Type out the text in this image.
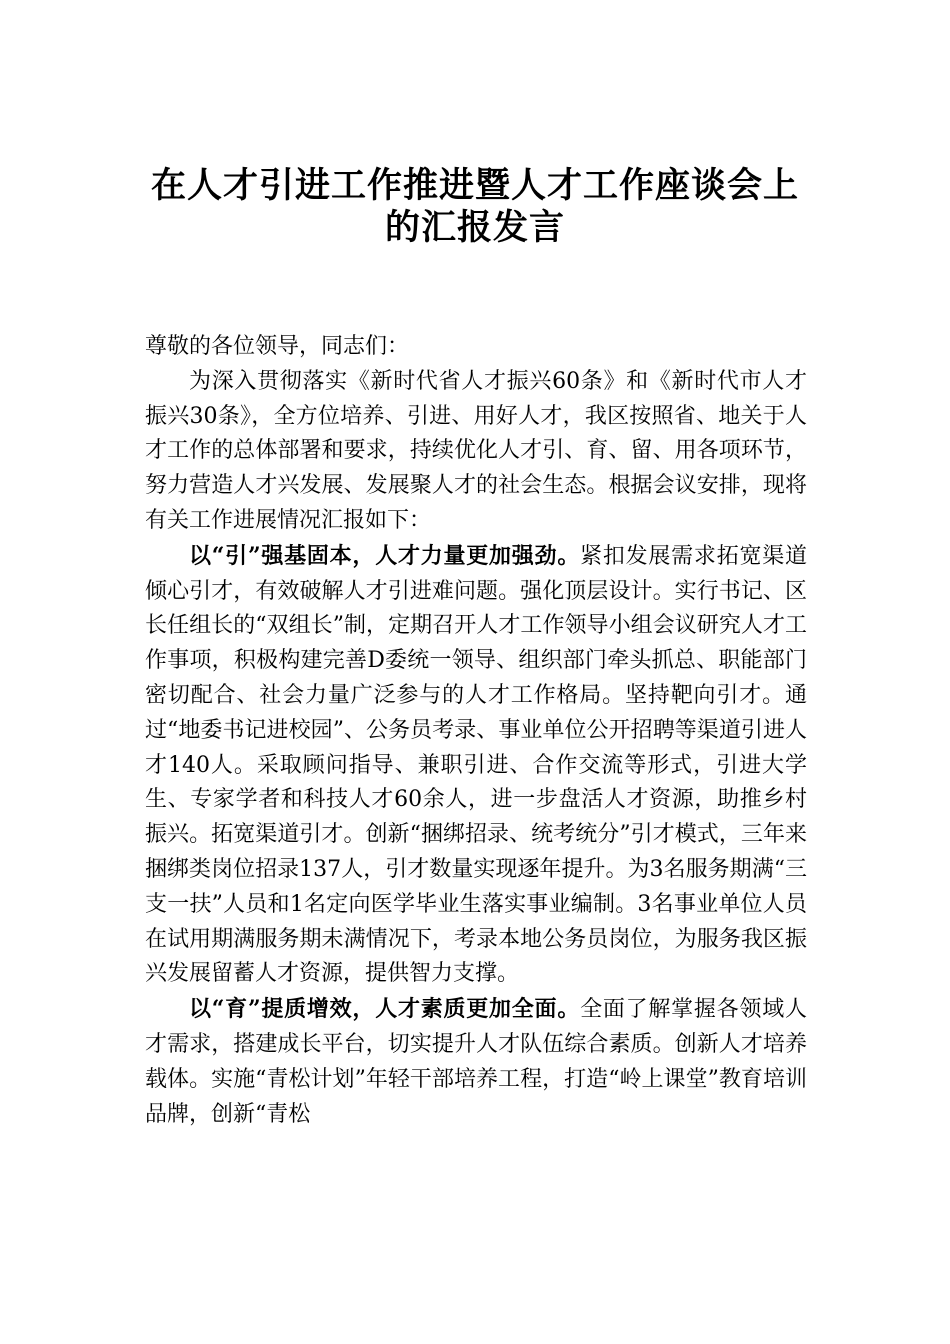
在人才引进工作推进暨人才工作座谈会上
的汇报发言

尊敬的各位领导，同志们：

为深入贯彻落实《新时代省人才振兴60条》和《新时代市人才振兴30条》，全方位培养、引进、用好人才，我区按照省、地关于人才工作的总体部署和要求，持续优化人才引、育、留、用各项环节，努力营造人才兴发展、发展聚人才的社会生态。根据会议安排，现将有关工作进展情况汇报如下：

以“引”强基固本，人才力量更加强劲。紧扣发展需求拓宽渠道倾心引才，有效破解人才引进难问题。强化顶层设计。实行书记、区长任组长的“双组长”制，定期召开人才工作领导小组会议研究人才工作事项，积极构建完善D委统一领导、组织部门牵头抓总、职能部门密切配合、社会力量广泛参与的人才工作格局。坚持靶向引才。通过“地委书记进校园”、公务员考录、事业单位公开招聘等渠道引进人才140人。采取顾问指导、兼职引进、合作交流等形式，引进大学生、专家学者和科技人才60余人，进一步盘活人才资源，助推乡村振兴。拓宽渠道引才。创新“捆绑招录、统考统分”引才模式，三年来捆绑类岗位招录137人，引才数量实现逐年提升。为3名服务期满“三支一扶”人员和1名定向医学毕业生落实事业编制。3名事业单位人员在试用期满服务期未满情况下，考录本地公务员岗位，为服务我区振兴发展留蓄人才资源，提供智力支撑。

以“育”提质增效，人才素质更加全面。全面了解掌握各领域人才需求，搭建成长平台，切实提升人才队伍综合素质。创新人才培养载体。实施“青松计划”年轻干部培养工程，打造“岭上课堂”教育培训品牌，创新“青松
